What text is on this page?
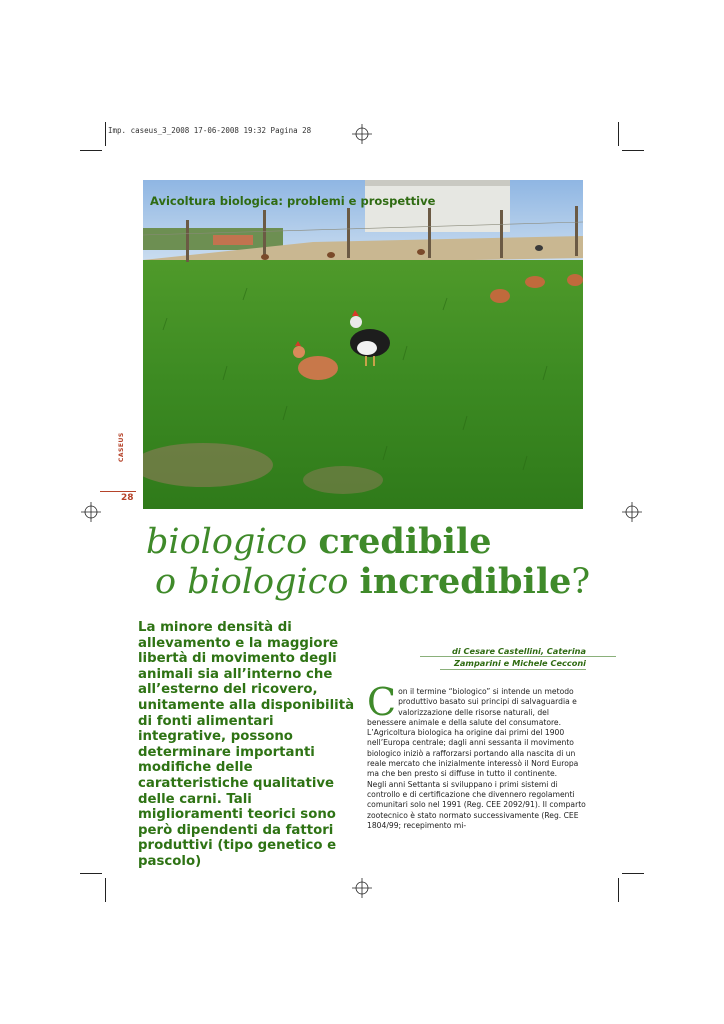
Imp. caseus_3_2008 17-06-2008 19:32 Pagina 28
Avicoltura biologica: problemi e prospettive
CASEUS
28
biologico credibile
o biologico incredibile?
La minore densità di allevamento e la maggiore libertà di movimento degli animali sia all’interno che all’esterno del ricovero, unitamente alla disponibilità di fonti alimentari integrative, possono determinare importanti modifiche delle caratteristiche qualitative delle carni. Tali miglioramenti teorici sono però dipendenti da fattori produttivi (tipo genetico e pascolo)
di Cesare Castellini, Caterina
Zamparini e Michele Cecconi
C on il termine “biologico” si intende un metodo produttivo basato sui principi di salvaguardia e valorizzazione delle risorse naturali, del benessere animale e della salute del consumatore.

L’Agricoltura biologica ha origine dai primi del 1900 nell’Europa centrale; dagli anni sessanta il movimento biologico iniziò a rafforzarsi portando alla nascita di un reale mercato che inizialmente interessò il Nord Europa ma che ben presto si diffuse in tutto il continente.

Negli anni Settanta si sviluppano i primi sistemi di controllo e di certificazione che divennero regolamenti comunitari solo nel 1991 (Reg. CEE 2092/91). Il comparto zootecnico è stato normato successivamente (Reg. CEE 1804/99; recepimento mi-
